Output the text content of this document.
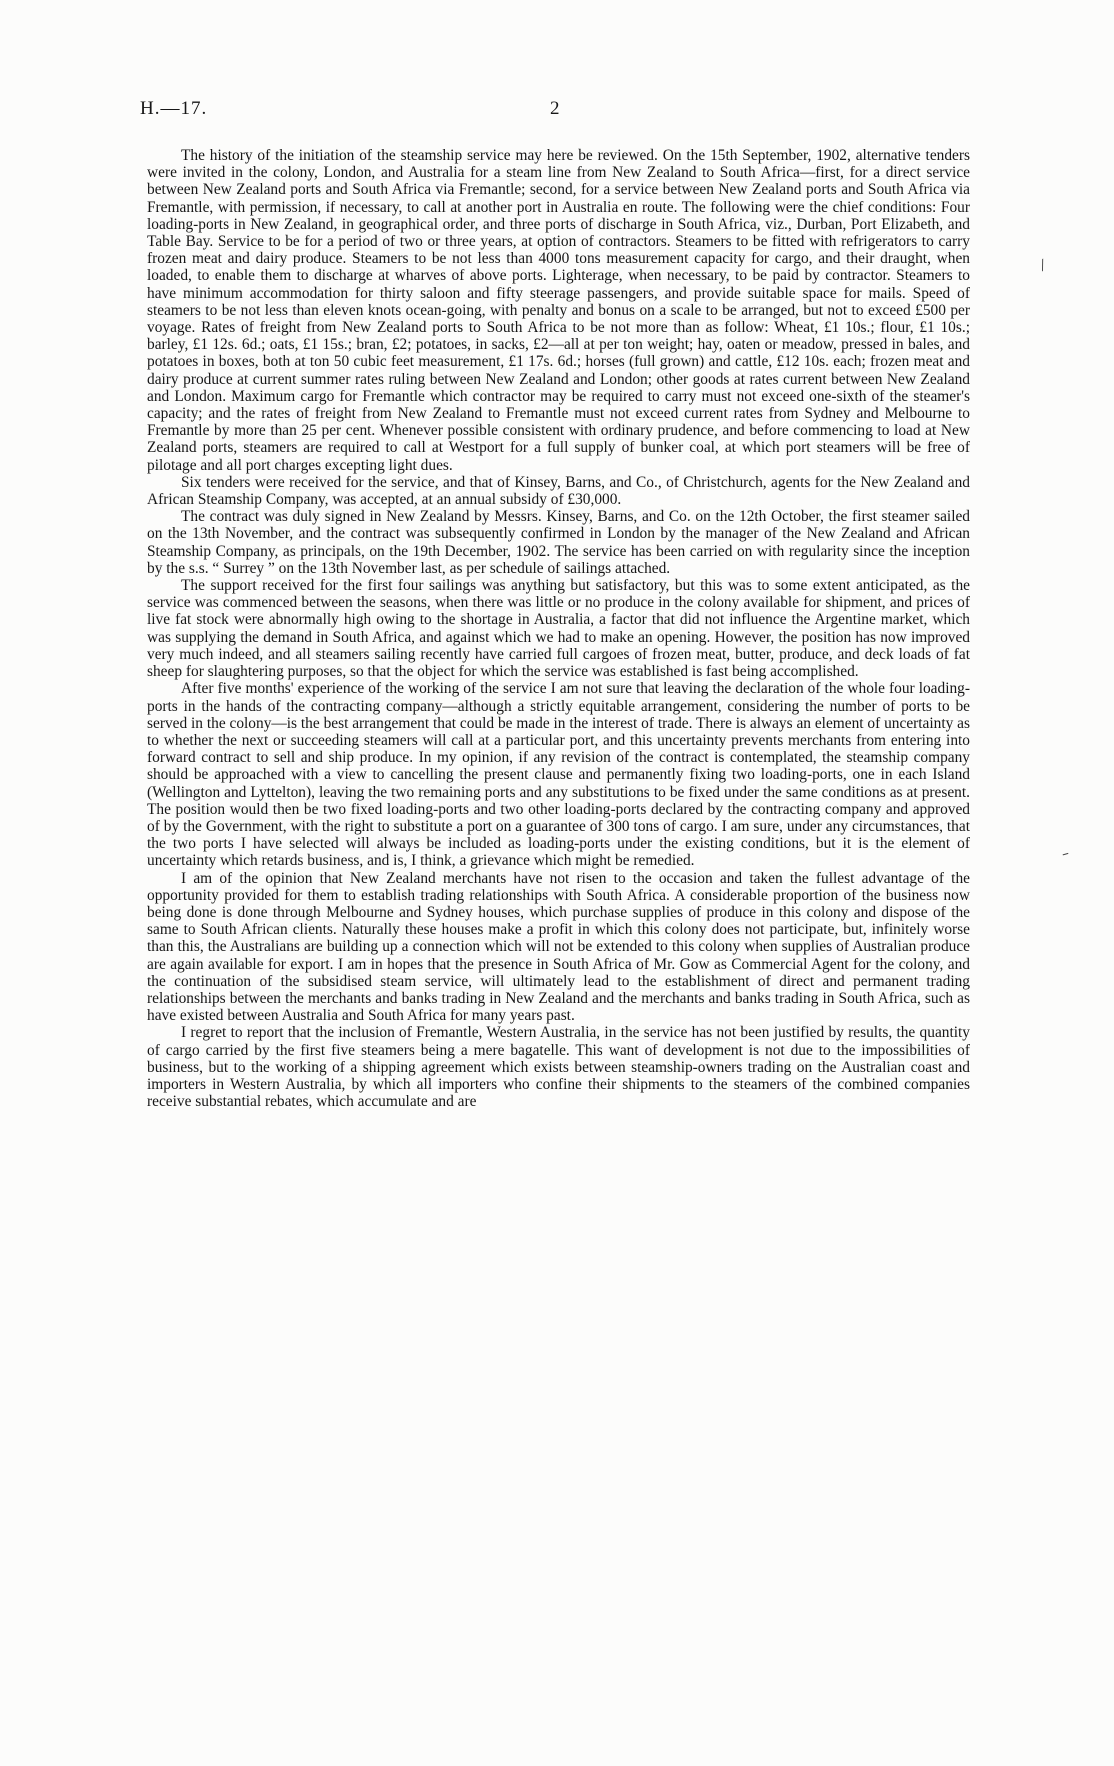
H.—17.	2

The history of the initiation of the steamship service may here be reviewed. On the 15th September, 1902, alternative tenders were invited in the colony, London, and Australia for a steam line from New Zealand to South Africa—first, for a direct service between New Zealand ports and South Africa via Fremantle; second, for a service between New Zealand ports and South Africa via Fremantle, with permission, if necessary, to call at another port in Australia en route. The following were the chief conditions: Four loading-ports in New Zealand, in geographical order, and three ports of discharge in South Africa, viz., Durban, Port Elizabeth, and Table Bay. Service to be for a period of two or three years, at option of contractors. Steamers to be fitted with refrigerators to carry frozen meat and dairy produce. Steamers to be not less than 4000 tons measurement capacity for cargo, and their draught, when loaded, to enable them to discharge at wharves of above ports. Lighterage, when necessary, to be paid by contractor. Steamers to have minimum accommodation for thirty saloon and fifty steerage passengers, and provide suitable space for mails. Speed of steamers to be not less than eleven knots ocean-going, with penalty and bonus on a scale to be arranged, but not to exceed £500 per voyage. Rates of freight from New Zealand ports to South Africa to be not more than as follow: Wheat, £1 10s.; flour, £1 10s.; barley, £1 12s. 6d.; oats, £1 15s.; bran, £2; potatoes, in sacks, £2—all at per ton weight; hay, oaten or meadow, pressed in bales, and potatoes in boxes, both at ton 50 cubic feet measurement, £1 17s. 6d.; horses (full grown) and cattle, £12 10s. each; frozen meat and dairy produce at current summer rates ruling between New Zealand and London; other goods at rates current between New Zealand and London. Maximum cargo for Fremantle which contractor may be required to carry must not exceed one-sixth of the steamer's capacity; and the rates of freight from New Zealand to Fremantle must not exceed current rates from Sydney and Melbourne to Fremantle by more than 25 per cent. Whenever possible consistent with ordinary prudence, and before commencing to load at New Zealand ports, steamers are required to call at Westport for a full supply of bunker coal, at which port steamers will be free of pilotage and all port charges excepting light dues.

Six tenders were received for the service, and that of Kinsey, Barns, and Co., of Christchurch, agents for the New Zealand and African Steamship Company, was accepted, at an annual subsidy of £30,000.

The contract was duly signed in New Zealand by Messrs. Kinsey, Barns, and Co. on the 12th October, the first steamer sailed on the 13th November, and the contract was subsequently confirmed in London by the manager of the New Zealand and African Steamship Company, as principals, on the 19th December, 1902. The service has been carried on with regularity since the inception by the s.s. “ Surrey ” on the 13th November last, as per schedule of sailings attached.

The support received for the first four sailings was anything but satisfactory, but this was to some extent anticipated, as the service was commenced between the seasons, when there was little or no produce in the colony available for shipment, and prices of live fat stock were abnormally high owing to the shortage in Australia, a factor that did not influence the Argentine market, which was supplying the demand in South Africa, and against which we had to make an opening. However, the position has now improved very much indeed, and all steamers sailing recently have carried full cargoes of frozen meat, butter, produce, and deck loads of fat sheep for slaughtering purposes, so that the object for which the service was established is fast being accomplished.

After five months' experience of the working of the service I am not sure that leaving the declaration of the whole four loading-ports in the hands of the contracting company—although a strictly equitable arrangement, considering the number of ports to be served in the colony—is the best arrangement that could be made in the interest of trade. There is always an element of uncertainty as to whether the next or succeeding steamers will call at a particular port, and this uncertainty prevents merchants from entering into forward contract to sell and ship produce. In my opinion, if any revision of the contract is contemplated, the steamship company should be approached with a view to cancelling the present clause and permanently fixing two loading-ports, one in each Island (Wellington and Lyttelton), leaving the two remaining ports and any substitutions to be fixed under the same conditions as at present. The position would then be two fixed loading-ports and two other loading-ports declared by the contracting company and approved of by the Government, with the right to substitute a port on a guarantee of 300 tons of cargo. I am sure, under any circumstances, that the two ports I have selected will always be included as loading-ports under the existing conditions, but it is the element of uncertainty which retards business, and is, I think, a grievance which might be remedied.

I am of the opinion that New Zealand merchants have not risen to the occasion and taken the fullest advantage of the opportunity provided for them to establish trading relationships with South Africa. A considerable proportion of the business now being done is done through Melbourne and Sydney houses, which purchase supplies of produce in this colony and dispose of the same to South African clients. Naturally these houses make a profit in which this colony does not participate, but, infinitely worse than this, the Australians are building up a connection which will not be extended to this colony when supplies of Australian produce are again available for export. I am in hopes that the presence in South Africa of Mr. Gow as Commercial Agent for the colony, and the continuation of the subsidised steam service, will ultimately lead to the establishment of direct and permanent trading relationships between the merchants and banks trading in New Zealand and the merchants and banks trading in South Africa, such as have existed between Australia and South Africa for many years past.

I regret to report that the inclusion of Fremantle, Western Australia, in the service has not been justified by results, the quantity of cargo carried by the first five steamers being a mere bagatelle. This want of development is not due to the impossibilities of business, but to the working of a shipping agreement which exists between steamship-owners trading on the Australian coast and importers in Western Australia, by which all importers who confine their shipments to the steamers of the combined companies receive substantial rebates, which accumulate and are

⁄
–
